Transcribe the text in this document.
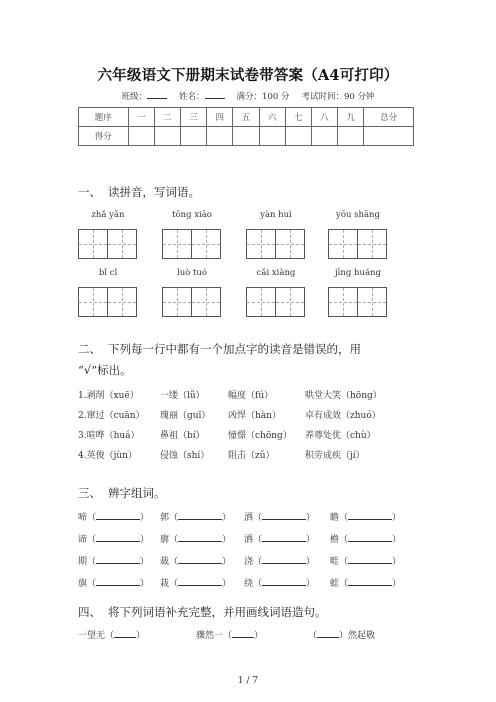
六年级语文下册期末试卷带答案（A4可打印）
班级：	姓名：	满分：100 分 考试时间：90 分钟
题序	一	二	三	四	五	六	七	八	九	总分
得分										
一、 读拼音，写词语。
zhǎ yǎn	tōng xiāo	yàn huì	yōu shāng
bǐ cǐ	luò tuó	cǎi xiàng	jīng huáng
二、 下列每一行中都有一个加点字的读音是错误的，用
“√”标出。
1.剥削（xuē） 一缕（lǚ）	幅度（fú）	哄堂大笑（hōng）
2.窜过（cuān） 瑰丽（guī） 凶悍（hàn）	卓有成效（zhuó）
3.喧哗（huá） 鼻祖（bí）	憧憬（chōng） 养尊处优（chù）
4.英俊（jùn）	侵蚀（shí） 阻击（zǔ）	积劳成疾（jí）
三、 辨字组词。
啼（	） 郭（	） 洒（	） 瞻（	）
谛（	） 廓（	） 洒（	） 檐（	）
期（	） 裁（	） 浇（	） 畦（	）
旗（	） 栽（	） 绕（	） 蛙（	）
四、 将下列词语补充完整，并用画线词语造句。
一望无（ ）	骤然一（ ）	（ ）然起敬
1 / 7
